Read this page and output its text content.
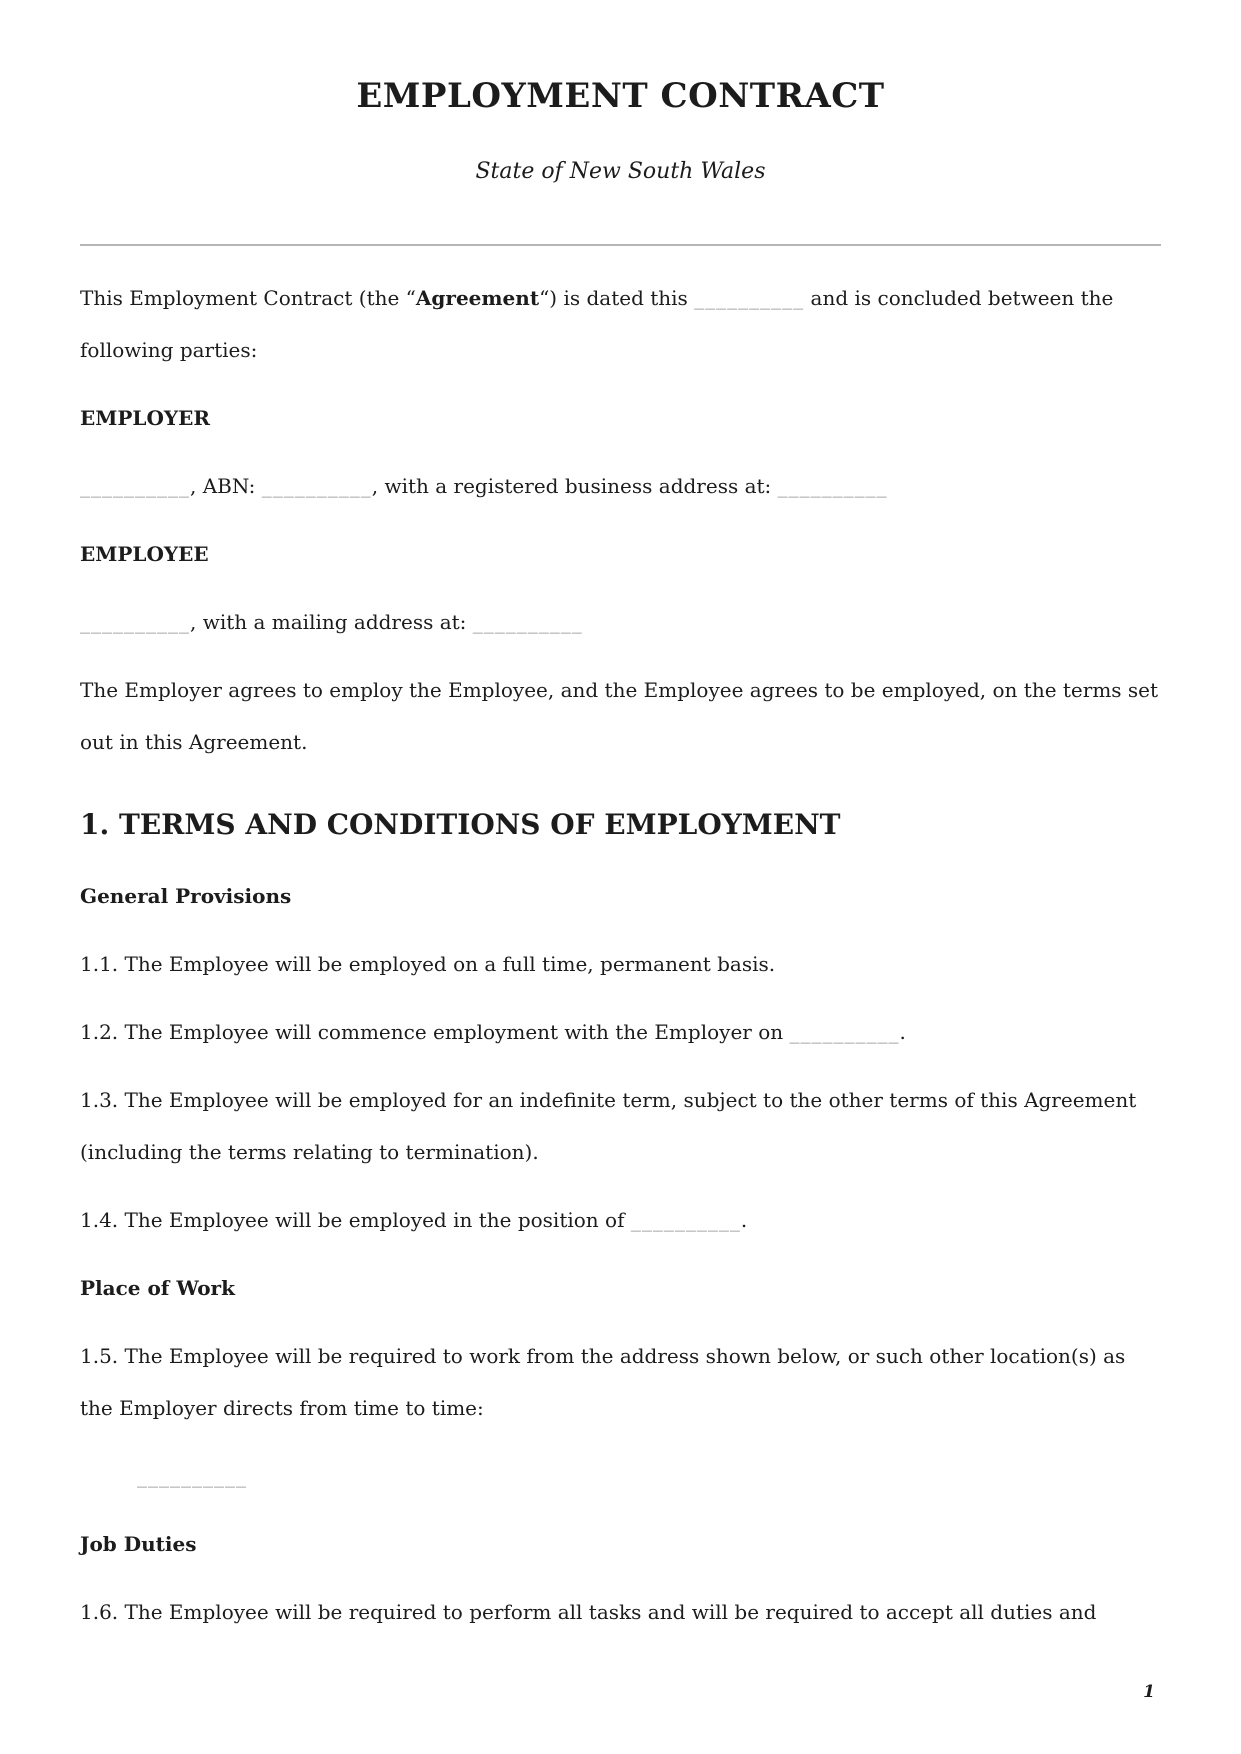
EMPLOYMENT CONTRACT
State of New South Wales

This Employment Contract (the “Agreement“) is dated this __________ and is concluded between the following parties:

EMPLOYER

__________, ABN: __________, with a registered business address at: __________

EMPLOYEE

__________, with a mailing address at: __________

The Employer agrees to employ the Employee, and the Employee agrees to be employed, on the terms set out in this Agreement.

1. TERMS AND CONDITIONS OF EMPLOYMENT
General Provisions

1.1. The Employee will be employed on a full time, permanent basis.

1.2. The Employee will commence employment with the Employer on __________.

1.3. The Employee will be employed for an indefinite term, subject to the other terms of this Agreement (including the terms relating to termination).

1.4. The Employee will be employed in the position of __________.

Place of Work

1.5. The Employee will be required to work from the address shown below, or such other location(s) as the Employer directs from time to time:

__________

Job Duties

1.6. The Employee will be required to perform all tasks and will be required to accept all duties and

1
